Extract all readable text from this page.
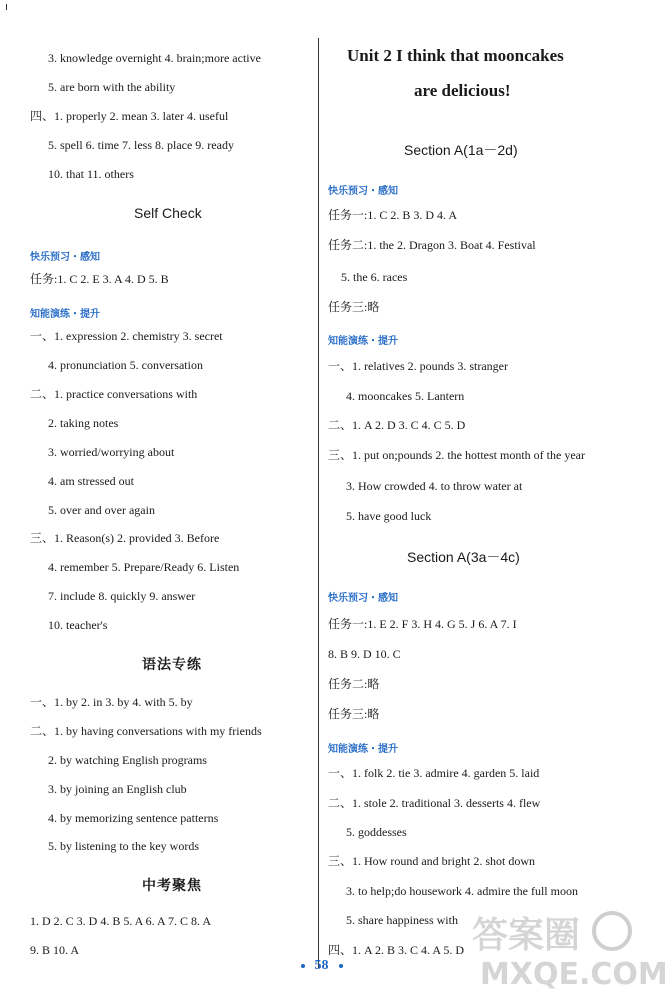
3. knowledge overnight 4. brain;more active
5. are born with the ability
四、1. properly 2. mean 3. later 4. useful
5. spell 6. time 7. less 8. place 9. ready
10. that 11. others
一、1. expression 2. chemistry 3. secret
4. pronunciation 5. conversation
二、1. practice conversations with
2. taking notes
3. worried/worrying about
4. am stressed out
5. over and over again
三、1. Reason(s) 2. provided 3. Before
4. remember 5. Prepare/Ready 6. Listen
7. include 8. quickly 9. answer
10. teacher's
一、1. by 2. in 3. by 4. with 5. by
二、1. by having conversations with my friends
2. by watching English programs
3. by joining an English club
4. by memorizing sentence patterns
5. by listening to the key words
1. D 2. C 3. D 4. B 5. A 6. A 7. C 8. A
9. B 10. A
任务:1. C 2. E 3. A 4. D 5. B
Self Check
语法专练
中考聚焦
快乐预习・感知
知能演练・提升
Unit 2 I think that mooncakes
are delicious!
任务一:1. C 2. B 3. D 4. A
任务二:1. the 2. Dragon 3. Boat 4. Festival
5. the 6. races
任务三:略
一、1. relatives 2. pounds 3. stranger
4. mooncakes 5. Lantern
二、1. A 2. D 3. C 4. C 5. D
三、1. put on;pounds 2. the hottest month of the year
3. How crowded 4. to throw water at
5. have good luck
任务一:1. E 2. F 3. H 4. G 5. J 6. A 7. I
8. B 9. D 10. C
任务二:略
任务三:略
一、1. folk 2. tie 3. admire 4. garden 5. laid
二、1. stole 2. traditional 3. desserts 4. flew
5. goddesses
三、1. How round and bright 2. shot down
3. to help;do housework 4. admire the full moon
5. share happiness with
四、1. A 2. B 3. C 4. A 5. D
Section A(1a－2d)
Section A(3a－4c)
快乐预习・感知
知能演练・提升
快乐预习・感知
知能演练・提升
58
答案圈
MXQE.COM
